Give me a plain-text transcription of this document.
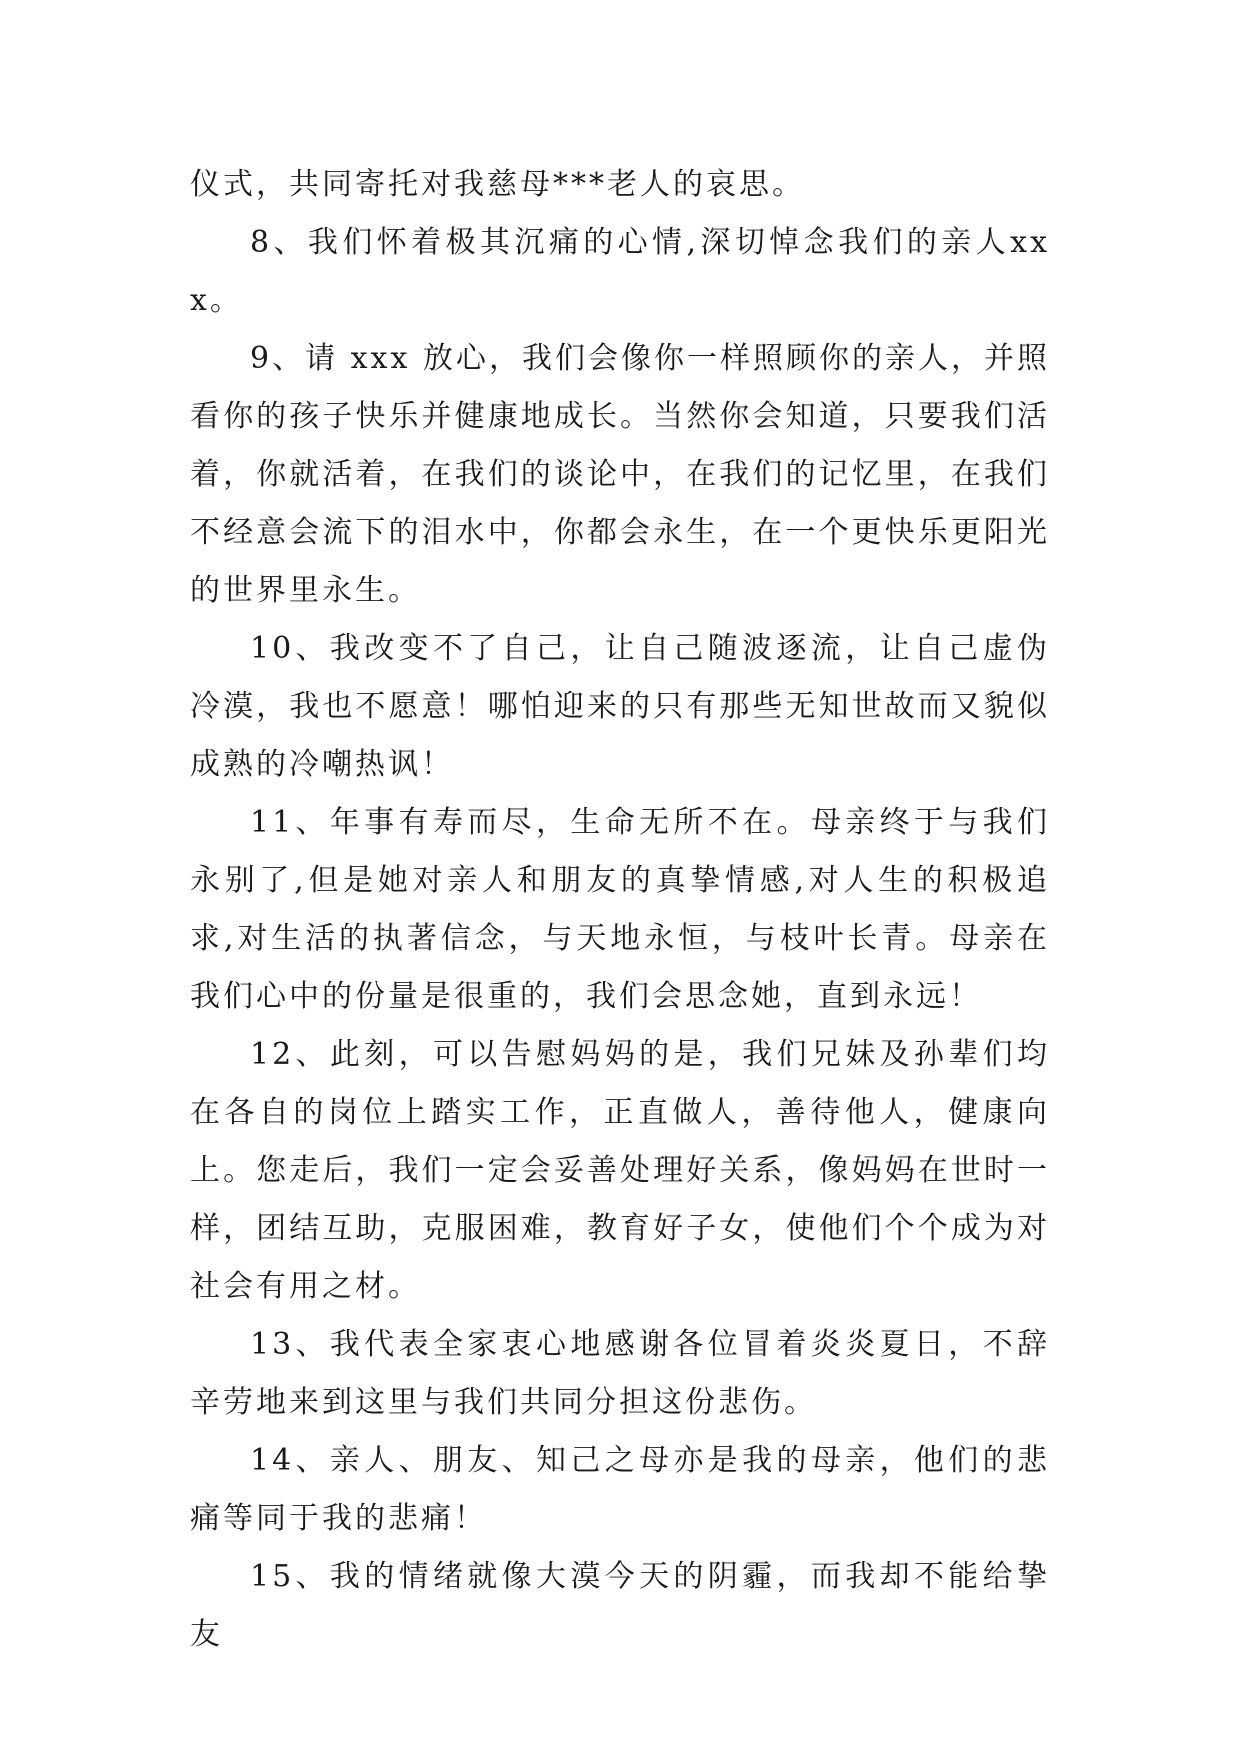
仪式，共同寄托对我慈母***老人的哀思。

8、我们怀着极其沉痛的心情,深切悼念我们的亲人xxx。

9、请 xxx 放心，我们会像你一样照顾你的亲人，并照看你的孩子快乐并健康地成长。当然你会知道，只要我们活着，你就活着，在我们的谈论中，在我们的记忆里，在我们不经意会流下的泪水中，你都会永生，在一个更快乐更阳光的世界里永生。

10、我改变不了自己，让自己随波逐流，让自己虚伪冷漠，我也不愿意！哪怕迎来的只有那些无知世故而又貌似成熟的冷嘲热讽！

11、年事有寿而尽，生命无所不在。母亲终于与我们永别了,但是她对亲人和朋友的真挚情感,对人生的积极追求,对生活的执著信念，与天地永恒，与枝叶长青。母亲在我们心中的份量是很重的，我们会思念她，直到永远！

12、此刻，可以告慰妈妈的是，我们兄妹及孙辈们均在各自的岗位上踏实工作，正直做人，善待他人，健康向上。您走后，我们一定会妥善处理好关系，像妈妈在世时一样，团结互助，克服困难，教育好子女，使他们个个成为对社会有用之材。

13、我代表全家衷心地感谢各位冒着炎炎夏日，不辞辛劳地来到这里与我们共同分担这份悲伤。

14、亲人、朋友、知己之母亦是我的母亲，他们的悲痛等同于我的悲痛！

15、我的情绪就像大漠今天的阴霾，而我却不能给挚友
